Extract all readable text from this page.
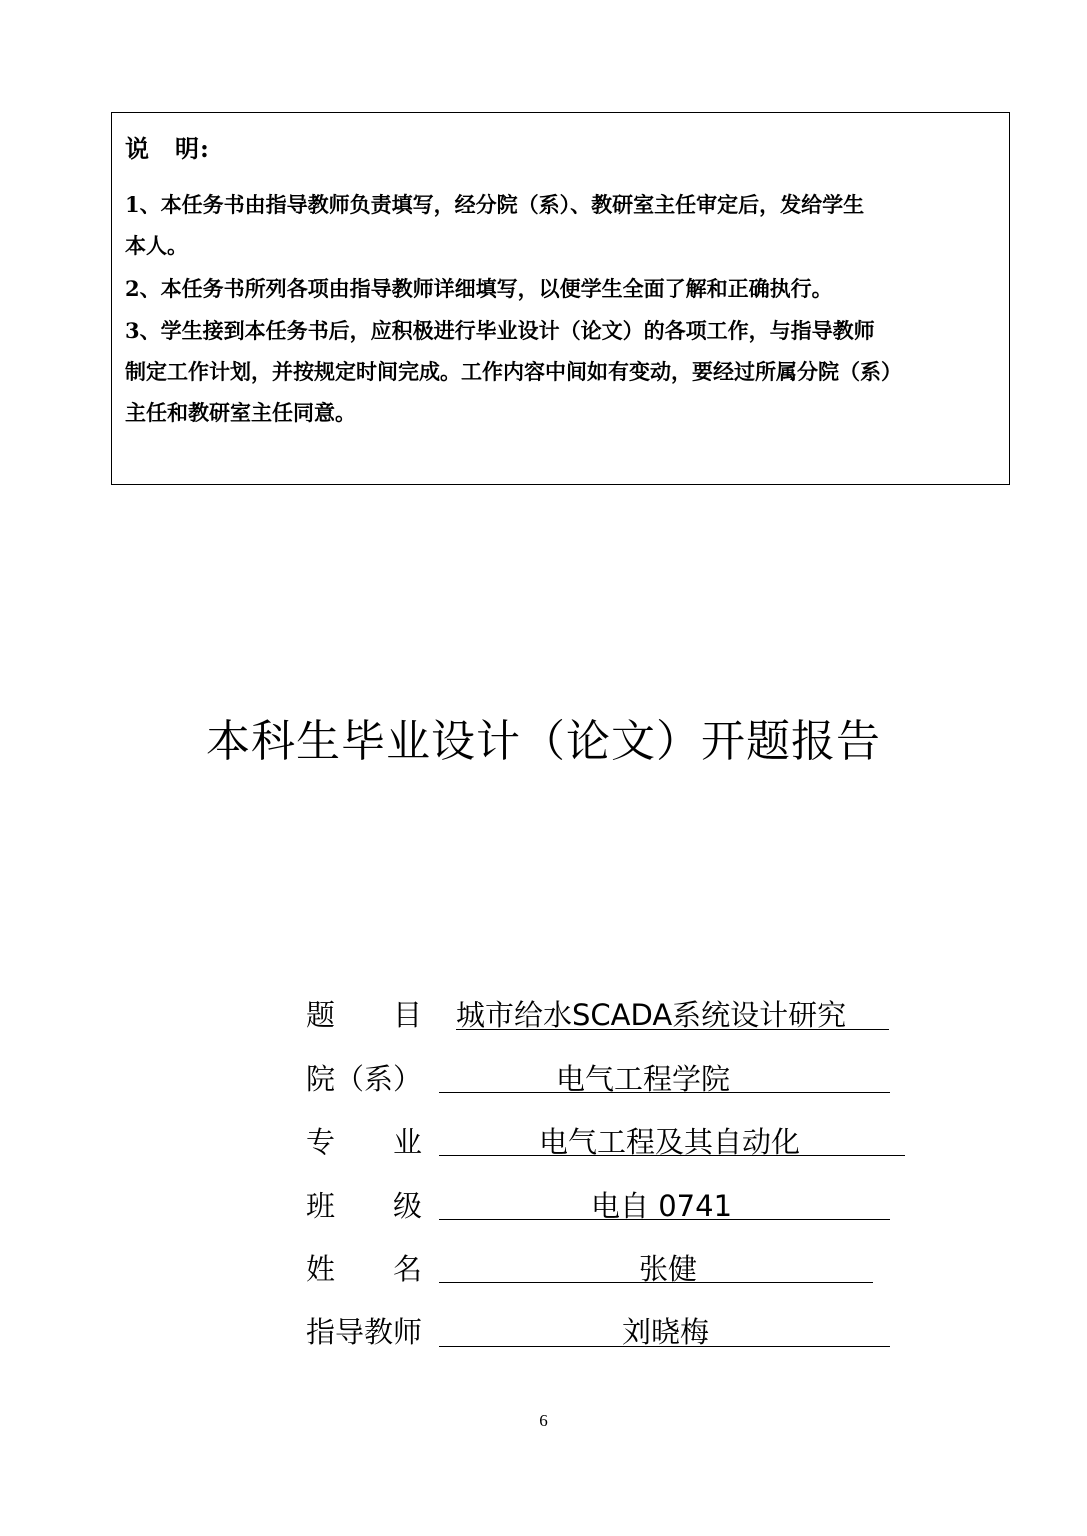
说　明:
1、本任务书由指导教师负责填写，经分院（系）、教研室主任审定后，发给学生
本人。
2、本任务书所列各项由指导教师详细填写，以便学生全面了解和正确执行。
3、学生接到本任务书后，应积极进行毕业设计（论文）的各项工作，与指导教师
制定工作计划，并按规定时间完成。工作内容中间如有变动，要经过所属分院（系）
主任和教研室主任同意。
本科生毕业设计（论文）开题报告
题　　目 城市给水SCADA系统设计研究
院（系）	电气工程学院
专　　业	电气工程及其自动化
班　　级	电自 0741
姓　　名	张健
指导教师	刘晓梅
6
